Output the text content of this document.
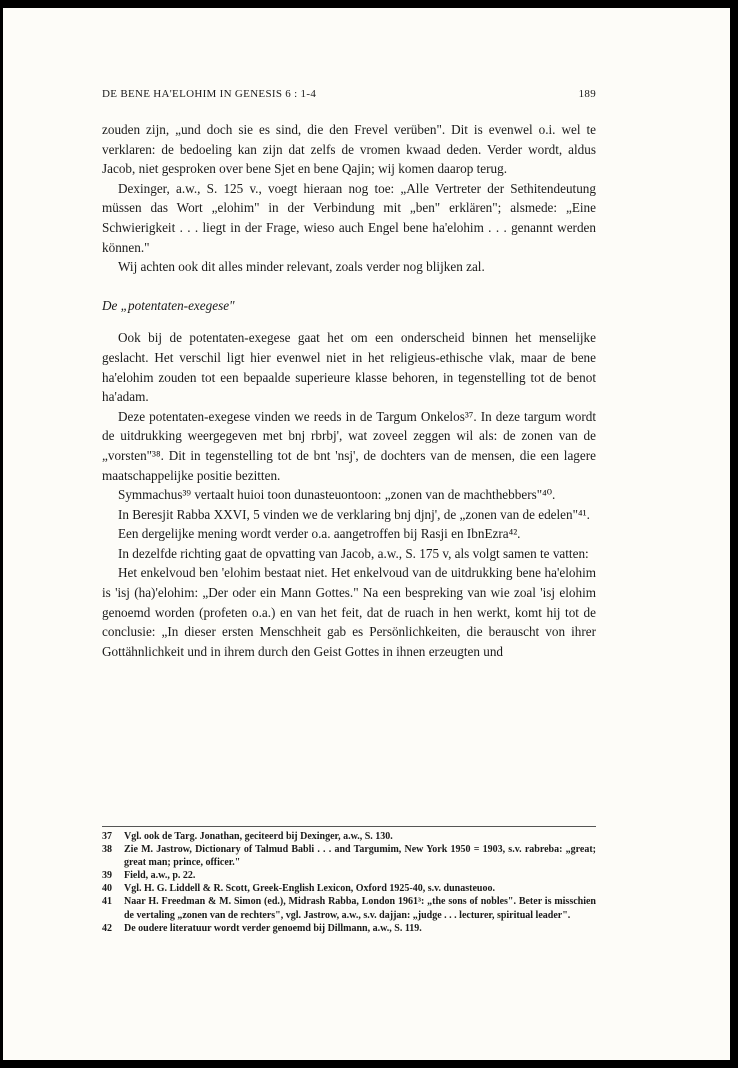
DE BENE HA'ELOHIM IN GENESIS 6 : 1-4	189

zouden zijn, „und doch sie es sind, die den Frevel verüben". Dit is evenwel o.i. wel te verklaren: de bedoeling kan zijn dat zelfs de vromen kwaad deden. Verder wordt, aldus Jacob, niet gesproken over bene Sjet en bene Qajin; wij komen daarop terug.

Dexinger, a.w., S. 125 v., voegt hieraan nog toe: „Alle Vertreter der Sethitendeutung müssen das Wort „elohim" in der Verbindung mit „ben" erklären"; alsmede: „Eine Schwierigkeit . . . liegt in der Frage, wieso auch Engel bene ha'elohim . . . genannt werden können."

Wij achten ook dit alles minder relevant, zoals verder nog blijken zal.

De „potentaten-exegese"

Ook bij de potentaten-exegese gaat het om een onderscheid binnen het menselijke geslacht. Het verschil ligt hier evenwel niet in het religieus-ethische vlak, maar de bene ha'elohim zouden tot een bepaalde superieure klasse behoren, in tegenstelling tot de benot ha'adam.

Deze potentaten-exegese vinden we reeds in de Targum Onkelos³⁷. In deze targum wordt de uitdrukking weergegeven met bnj rbrbj', wat zoveel zeggen wil als: de zonen van de „vorsten"³⁸. Dit in tegenstelling tot de bnt 'nsj', de dochters van de mensen, die een lagere maatschappelijke positie bezitten.

Symmachus³⁹ vertaalt huioi toon dunasteuontoon: „zonen van de machthebbers"⁴⁰.

In Beresjit Rabba XXVI, 5 vinden we de verklaring bnj djnj', de „zonen van de edelen"⁴¹.

Een dergelijke mening wordt verder o.a. aangetroffen bij Rasji en IbnEzra⁴².

In dezelfde richting gaat de opvatting van Jacob, a.w., S. 175 v, als volgt samen te vatten:

Het enkelvoud ben 'elohim bestaat niet. Het enkelvoud van de uitdrukking bene ha'elohim is 'isj (ha)'elohim: „Der oder ein Mann Gottes." Na een bespreking van wie zoal 'isj elohim genoemd worden (profeten o.a.) en van het feit, dat de ruach in hen werkt, komt hij tot de conclusie: „In dieser ersten Menschheit gab es Persönlichkeiten, die berauscht von ihrer Gottähnlichkeit und in ihrem durch den Geist Gottes in ihnen erzeugten und

37	Vgl. ook de Targ. Jonathan, geciteerd bij Dexinger, a.w., S. 130.
38	Zie M. Jastrow, Dictionary of Talmud Babli . . . and Targumim, New York 1950 = 1903, s.v. rabreba: „great; great man; prince, officer."
39	Field, a.w., p. 22.
40	Vgl. H. G. Liddell & R. Scott, Greek-English Lexicon, Oxford 1925-40, s.v. dunasteuoo.
41	Naar H. Freedman & M. Simon (ed.), Midrash Rabba, London 1961³: „the sons of nobles". Beter is misschien de vertaling „zonen van de rechters", vgl. Jastrow, a.w., s.v. dajjan: „judge . . . lecturer, spiritual leader".
42	De oudere literatuur wordt verder genoemd bij Dillmann, a.w., S. 119.
